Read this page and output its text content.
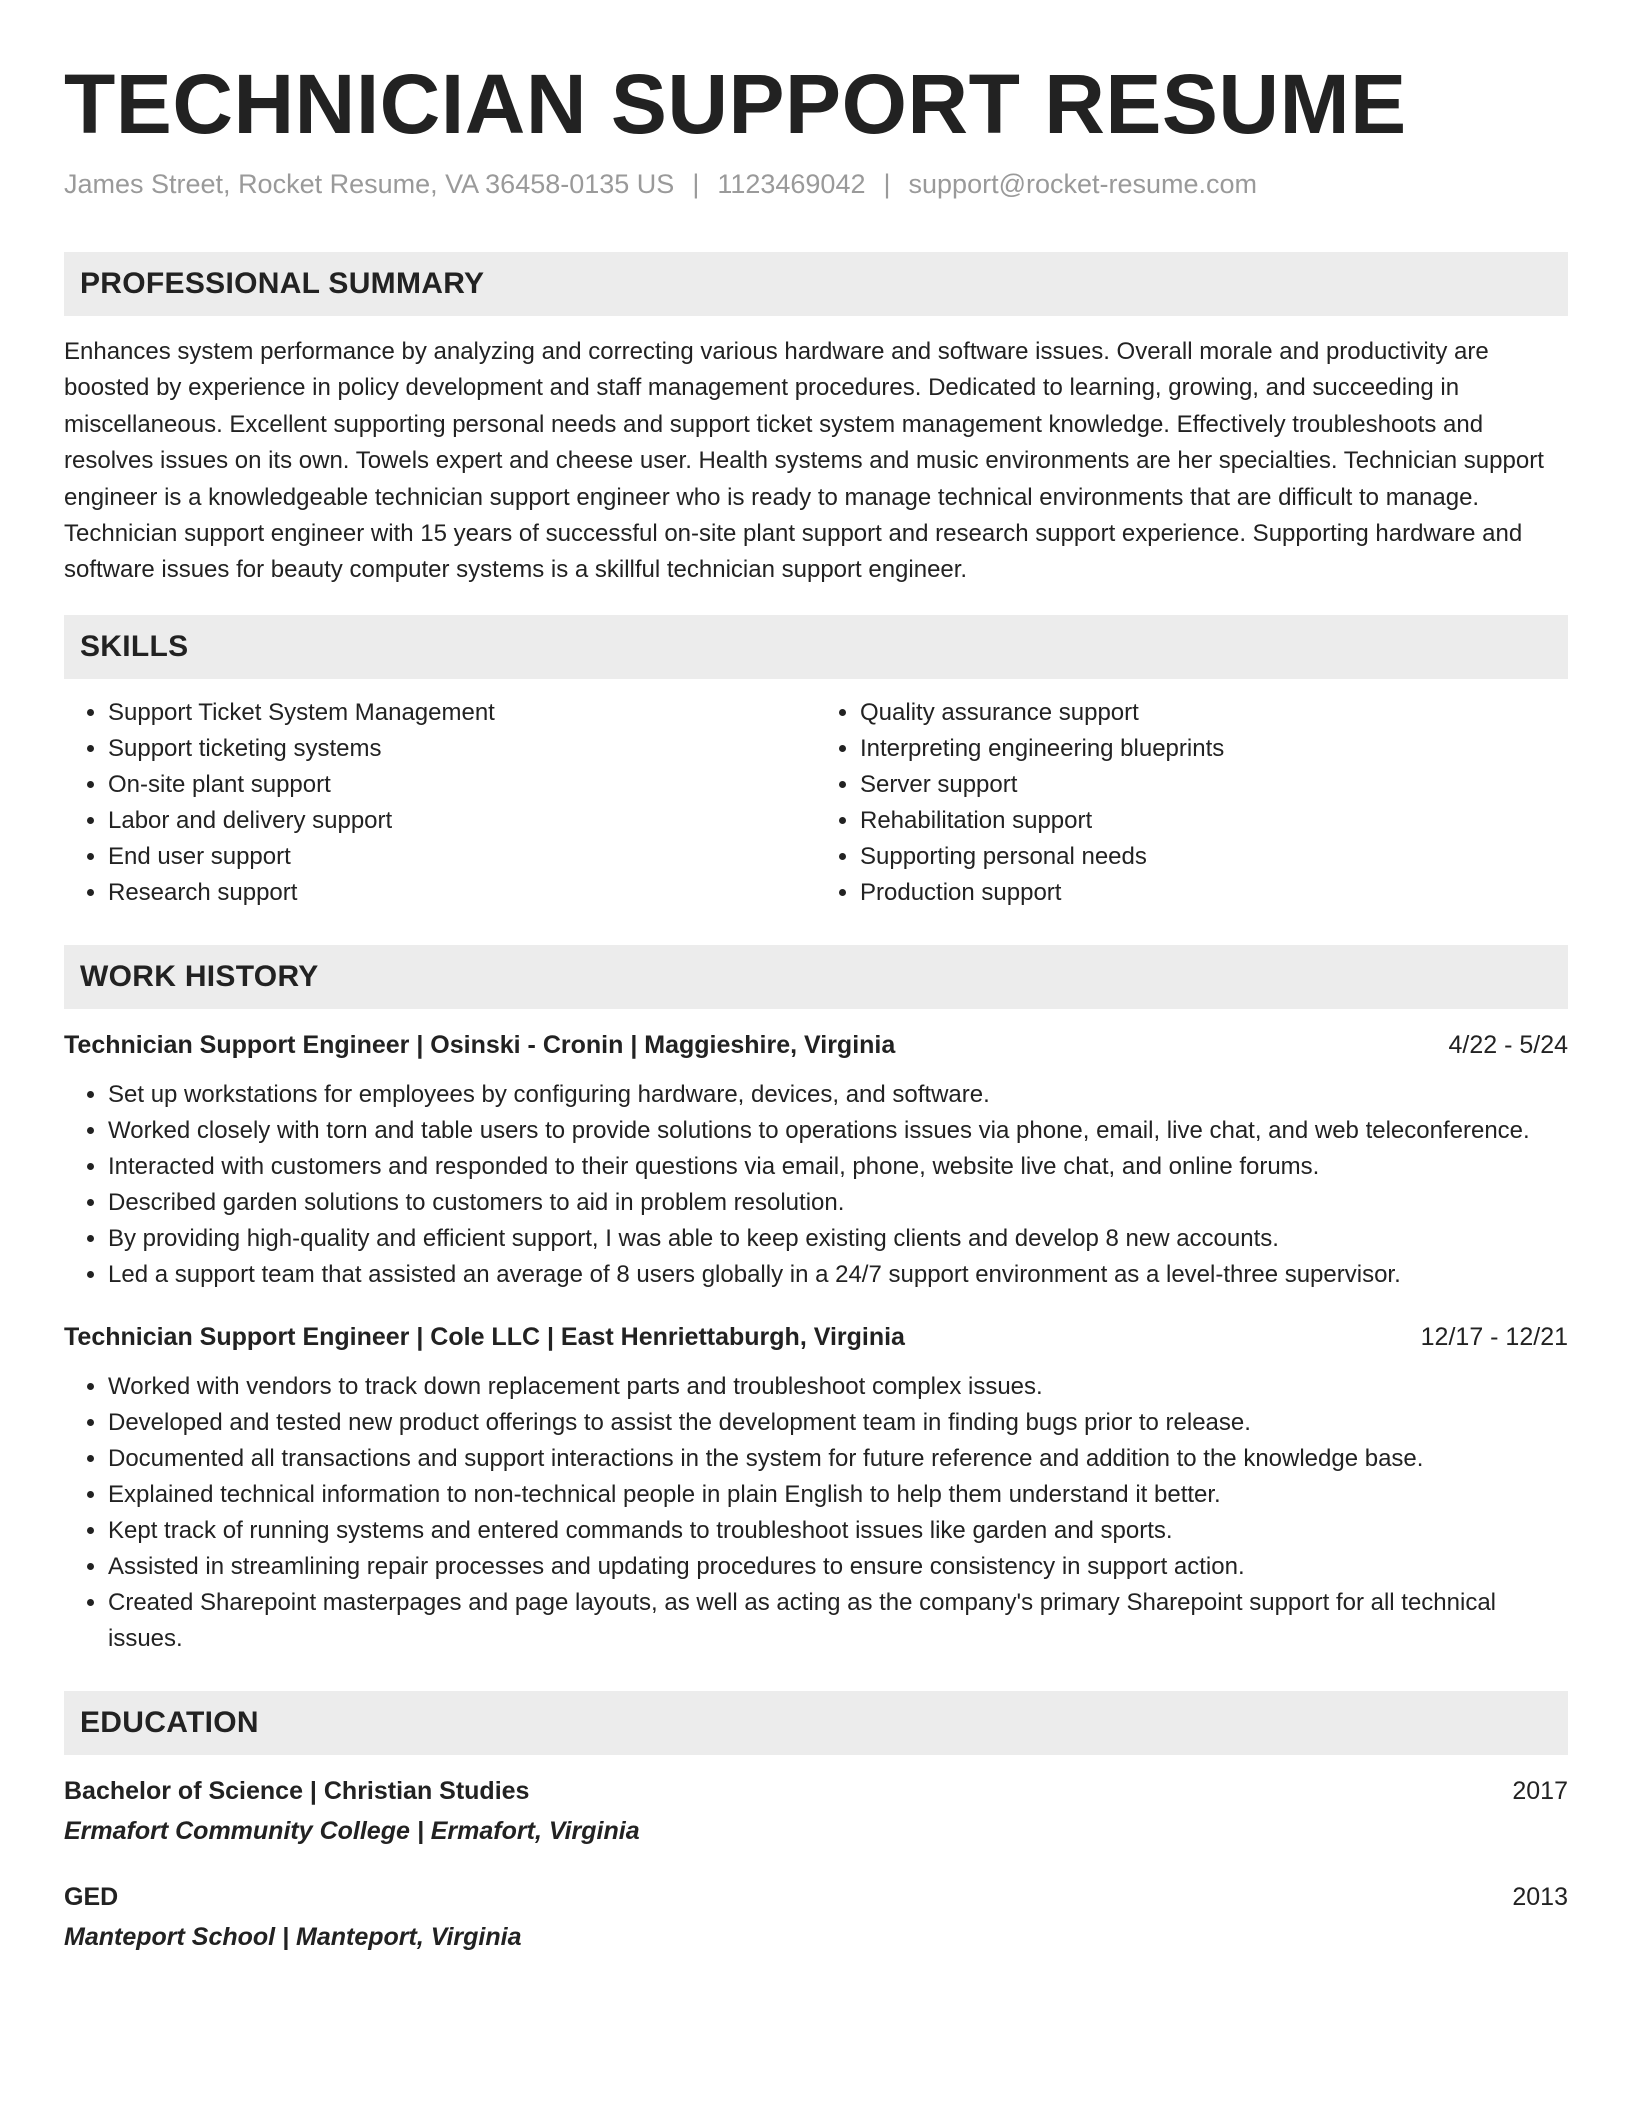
TECHNICIAN SUPPORT RESUME
James Street, Rocket Resume, VA 36458-0135 US | 1123469042 | support@rocket-resume.com
PROFESSIONAL SUMMARY
Enhances system performance by analyzing and correcting various hardware and software issues. Overall morale and productivity are boosted by experience in policy development and staff management procedures. Dedicated to learning, growing, and succeeding in miscellaneous. Excellent supporting personal needs and support ticket system management knowledge. Effectively troubleshoots and resolves issues on its own. Towels expert and cheese user. Health systems and music environments are her specialties. Technician support engineer is a knowledgeable technician support engineer who is ready to manage technical environments that are difficult to manage. Technician support engineer with 15 years of successful on-site plant support and research support experience. Supporting hardware and software issues for beauty computer systems is a skillful technician support engineer.
SKILLS
• Support Ticket System Management
• Support ticketing systems
• On-site plant support
• Labor and delivery support
• End user support
• Research support
• Quality assurance support
• Interpreting engineering blueprints
• Server support
• Rehabilitation support
• Supporting personal needs
• Production support
WORK HISTORY
Technician Support Engineer | Osinski - Cronin | Maggieshire, Virginia	4/22 - 5/24
• Set up workstations for employees by configuring hardware, devices, and software.
• Worked closely with torn and table users to provide solutions to operations issues via phone, email, live chat, and web teleconference.
• Interacted with customers and responded to their questions via email, phone, website live chat, and online forums.
• Described garden solutions to customers to aid in problem resolution.
• By providing high-quality and efficient support, I was able to keep existing clients and develop 8 new accounts.
• Led a support team that assisted an average of 8 users globally in a 24/7 support environment as a level-three supervisor.
Technician Support Engineer | Cole LLC | East Henriettaburgh, Virginia	12/17 - 12/21
• Worked with vendors to track down replacement parts and troubleshoot complex issues.
• Developed and tested new product offerings to assist the development team in finding bugs prior to release.
• Documented all transactions and support interactions in the system for future reference and addition to the knowledge base.
• Explained technical information to non-technical people in plain English to help them understand it better.
• Kept track of running systems and entered commands to troubleshoot issues like garden and sports.
• Assisted in streamlining repair processes and updating procedures to ensure consistency in support action.
• Created Sharepoint masterpages and page layouts, as well as acting as the company's primary Sharepoint support for all technical issues.
EDUCATION
Bachelor of Science | Christian Studies	2017
Ermafort Community College | Ermafort, Virginia
GED	2013
Manteport School | Manteport, Virginia
